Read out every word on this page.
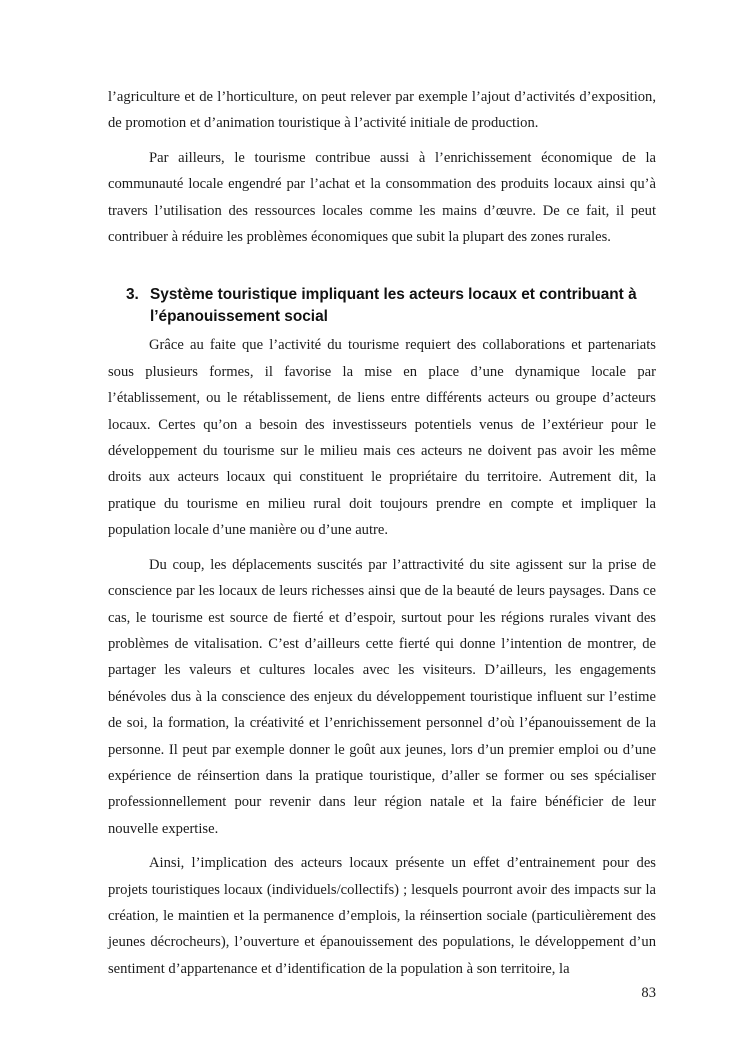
l’agriculture et de l’horticulture, on peut relever par exemple l’ajout d’activités d’exposition, de promotion et d’animation touristique à l’activité initiale de production.

Par ailleurs, le tourisme contribue aussi à l’enrichissement économique de la communauté locale engendré par l’achat et la consommation des produits locaux ainsi qu’à travers l’utilisation des ressources locales comme les mains d’œuvre. De ce fait, il peut contribuer à réduire les problèmes économiques que subit la plupart des zones rurales.

3. Système touristique impliquant les acteurs locaux et contribuant à l’épanouissement social

Grâce au faite que l’activité du tourisme requiert des collaborations et partenariats sous plusieurs formes, il favorise la mise en place d’une dynamique locale par l’établissement, ou le rétablissement, de liens entre différents acteurs ou groupe d’acteurs locaux. Certes qu’on a besoin des investisseurs potentiels venus de l’extérieur pour le développement du tourisme sur le milieu mais ces acteurs ne doivent pas avoir les même droits aux acteurs locaux qui constituent le propriétaire du territoire. Autrement dit, la pratique du tourisme en milieu rural doit toujours prendre en compte et impliquer la population locale d’une manière ou d’une autre.

Du coup, les déplacements suscités par l’attractivité du site agissent sur la prise de conscience par les locaux de leurs richesses ainsi que de la beauté de leurs paysages. Dans ce cas, le tourisme est source de fierté et d’espoir, surtout pour les régions rurales vivant des problèmes de vitalisation. C’est d’ailleurs cette fierté qui donne l’intention de montrer, de partager les valeurs et cultures locales avec les visiteurs. D’ailleurs, les engagements bénévoles dus à la conscience des enjeux du développement touristique influent sur l’estime de soi, la formation, la créativité et l’enrichissement personnel d’où l’épanouissement de la personne. Il peut par exemple donner le goût aux jeunes, lors d’un premier emploi ou d’une expérience de réinsertion dans la pratique touristique, d’aller se former ou ses spécialiser professionnellement pour revenir dans leur région natale et la faire bénéficier de leur nouvelle expertise.

Ainsi, l’implication des acteurs locaux présente un effet d’entrainement pour des projets touristiques locaux (individuels/collectifs) ; lesquels pourront avoir des impacts sur la création, le maintien et la permanence d’emplois, la réinsertion sociale (particulièrement des jeunes décrocheurs), l’ouverture et épanouissement des populations, le développement d’un sentiment d’appartenance et d’identification de la population à son territoire, la

83
